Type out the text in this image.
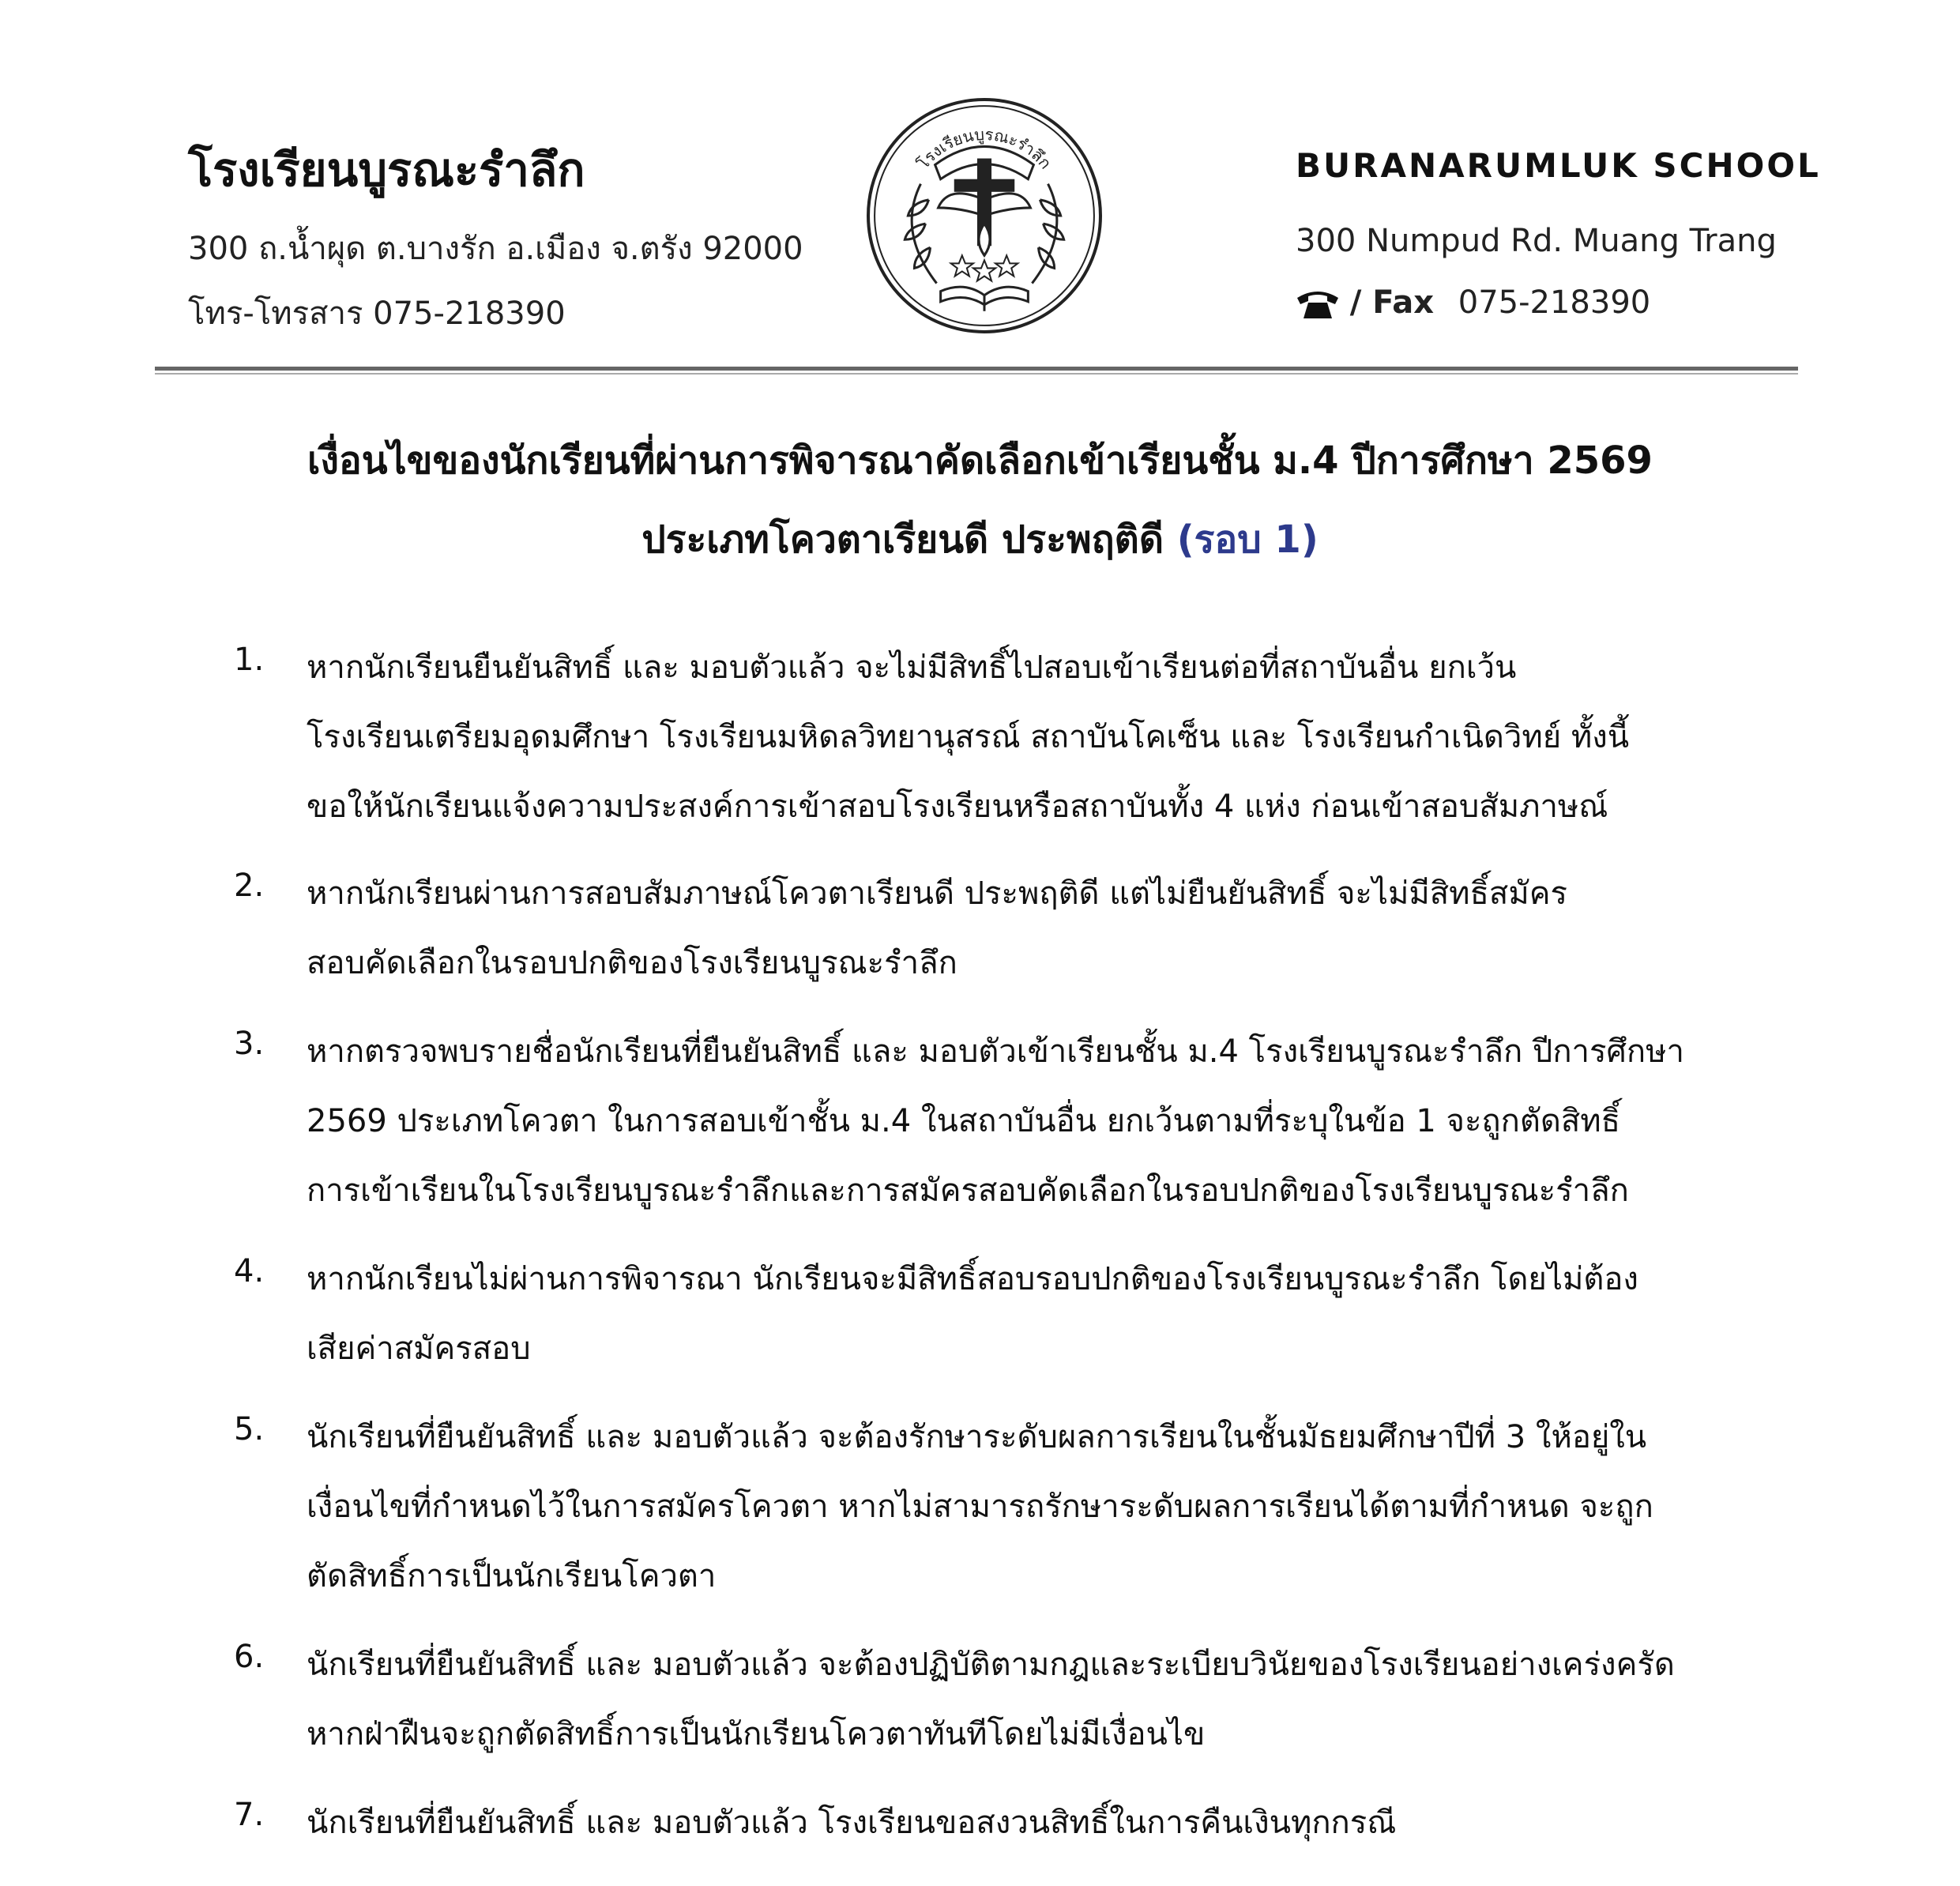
โรงเรียนบูรณะรำลึก
300 ถ.น้ำผุด ต.บางรัก อ.เมือง จ.ตรัง 92000
โทร-โทรสาร 075-218390
โรงเรียนบูรณะรำลึก	BURANARUMLUK SCHOOL
300 Numpud Rd. Muang Trang
/ Fax 075-218390
เงื่อนไขของนักเรียนที่ผ่านการพิจารณาคัดเลือกเข้าเรียนชั้น ม.4 ปีการศึกษา 2569
ประเภทโควตาเรียนดี ประพฤติดี (รอบ 1)
1.	หากนักเรียนยืนยันสิทธิ์ และ มอบตัวแล้ว จะไม่มีสิทธิ์ไปสอบเข้าเรียนต่อที่สถาบันอื่น ยกเว้น
โรงเรียนเตรียมอุดมศึกษา โรงเรียนมหิดลวิทยานุสรณ์ สถาบันโคเซ็น และ โรงเรียนกำเนิดวิทย์ ทั้งนี้
ขอให้นักเรียนแจ้งความประสงค์การเข้าสอบโรงเรียนหรือสถาบันทั้ง 4 แห่ง ก่อนเข้าสอบสัมภาษณ์
2.	หากนักเรียนผ่านการสอบสัมภาษณ์โควตาเรียนดี ประพฤติดี แต่ไม่ยืนยันสิทธิ์ จะไม่มีสิทธิ์สมัคร
สอบคัดเลือกในรอบปกติของโรงเรียนบูรณะรำลึก
3.	หากตรวจพบรายชื่อนักเรียนที่ยืนยันสิทธิ์ และ มอบตัวเข้าเรียนชั้น ม.4 โรงเรียนบูรณะรำลึก ปีการศึกษา
2569 ประเภทโควตา ในการสอบเข้าชั้น ม.4 ในสถาบันอื่น ยกเว้นตามที่ระบุในข้อ 1 จะถูกตัดสิทธิ์
การเข้าเรียนในโรงเรียนบูรณะรำลึกและการสมัครสอบคัดเลือกในรอบปกติของโรงเรียนบูรณะรำลึก
4.	หากนักเรียนไม่ผ่านการพิจารณา นักเรียนจะมีสิทธิ์สอบรอบปกติของโรงเรียนบูรณะรำลึก โดยไม่ต้อง
เสียค่าสมัครสอบ
5.	นักเรียนที่ยืนยันสิทธิ์ และ มอบตัวแล้ว จะต้องรักษาระดับผลการเรียนในชั้นมัธยมศึกษาปีที่ 3 ให้อยู่ใน
เงื่อนไขที่กำหนดไว้ในการสมัครโควตา หากไม่สามารถรักษาระดับผลการเรียนได้ตามที่กำหนด จะถูก
ตัดสิทธิ์การเป็นนักเรียนโควตา
6.	นักเรียนที่ยืนยันสิทธิ์ และ มอบตัวแล้ว จะต้องปฏิบัติตามกฎและระเบียบวินัยของโรงเรียนอย่างเคร่งครัด
หากฝ่าฝืนจะถูกตัดสิทธิ์การเป็นนักเรียนโควตาทันทีโดยไม่มีเงื่อนไข
7.	นักเรียนที่ยืนยันสิทธิ์ และ มอบตัวแล้ว โรงเรียนขอสงวนสิทธิ์ในการคืนเงินทุกกรณี
